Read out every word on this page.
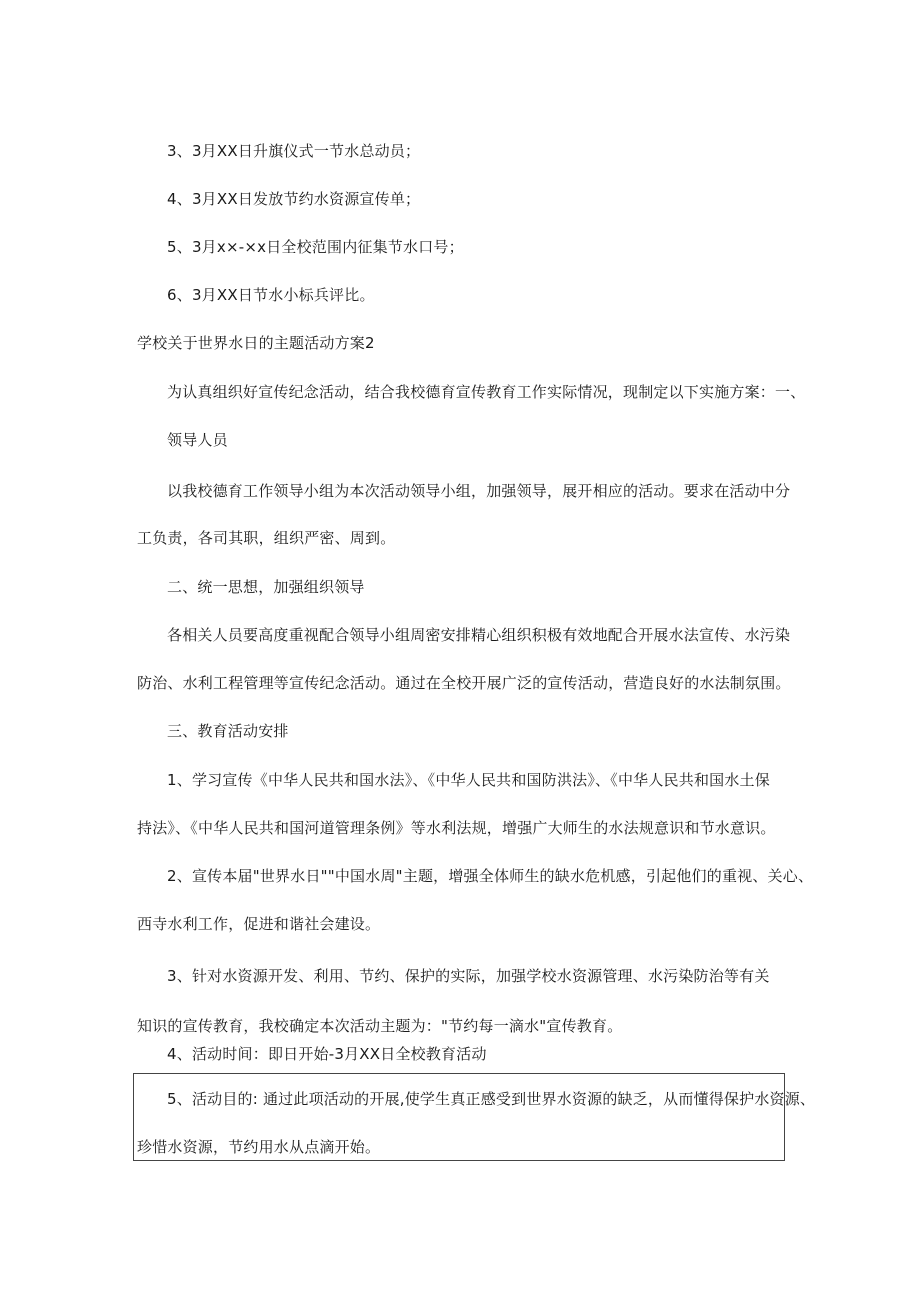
3、3月XX日升旗仪式一节水总动员；
4、3月XX日发放节约水资源宣传单；
5、3月x×-×x日全校范围内征集节水口号；
6、3月XX日节水小标兵评比。
学校关于世界水日的主题活动方案2
为认真组织好宣传纪念活动，结合我校德育宣传教育工作实际情况，现制定以下实施方案：一、
领导人员
以我校德育工作领导小组为本次活动领导小组，加强领导，展开相应的活动。要求在活动中分
工负责，各司其职，组织严密、周到。
二、统一思想，加强组织领导
各相关人员要高度重视配合领导小组周密安排精心组织积极有效地配合开展水法宣传、水污染
防治、水利工程管理等宣传纪念活动。通过在全校开展广泛的宣传活动，营造良好的水法制氛围。
三、教育活动安排
1、学习宣传《中华人民共和国水法》、《中华人民共和国防洪法》、《中华人民共和国水土保
持法》、《中华人民共和国河道管理条例》等水利法规，增强广大师生的水法规意识和节水意识。
2、宣传本届"世界水日""中国水周"主题，增强全体师生的缺水危机感，引起他们的重视、关心、
西寺水利工作，促进和谐社会建设。
3、针对水资源开发、利用、节约、保护的实际，加强学校水资源管理、水污染防治等有关
知识的宣传教育，我校确定本次活动主题为："节约每一滴水"宣传教育。
4、活动时间：即日开始-3月XX日全校教育活动
5、活动目的: 通过此项活动的开展,使学生真正感受到世界水资源的缺乏，从而懂得保护水资源、
珍惜水资源，节约用水从点滴开始。
